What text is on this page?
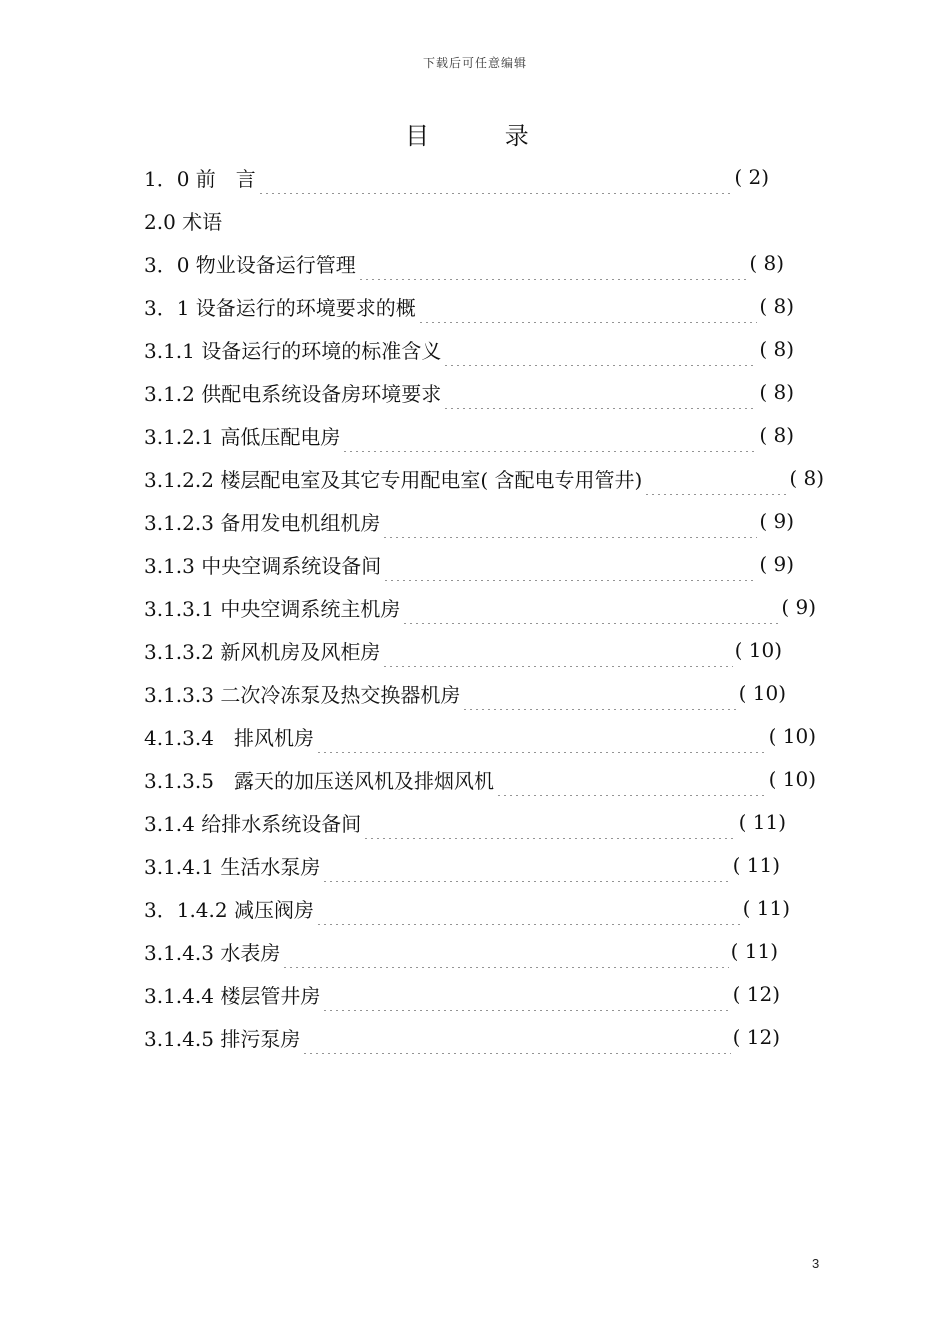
下载后可任意编辑
目 录
1．0 前　言	( 2)
2.0 术语
3．0 物业设备运行管理	( 8)
3．1 设备运行的环境要求的概	( 8)
3.1.1 设备运行的环境的标准含义	( 8)
3.1.2 供配电系统设备房环境要求	( 8)
3.1.2.1 高低压配电房	( 8)
3.1.2.2 楼层配电室及其它专用配电室( 含配电专用管井)	( 8)
3.1.2.3 备用发电机组机房	( 9)
3.1.3 中央空调系统设备间	( 9)
3.1.3.1 中央空调系统主机房	( 9)
3.1.3.2 新风机房及风柜房	( 10)
3.1.3.3 二次冷冻泵及热交换器机房	( 10)
4.1.3.4　排风机房	( 10)
3.1.3.5　露天的加压送风机及排烟风机	( 10)
3.1.4 给排水系统设备间	( 11)
3.1.4.1 生活水泵房	( 11)
3．1.4.2 减压阀房	( 11)
3.1.4.3 水表房	( 11)
3.1.4.4 楼层管井房	( 12)
3.1.4.5 排污泵房	( 12)
3
